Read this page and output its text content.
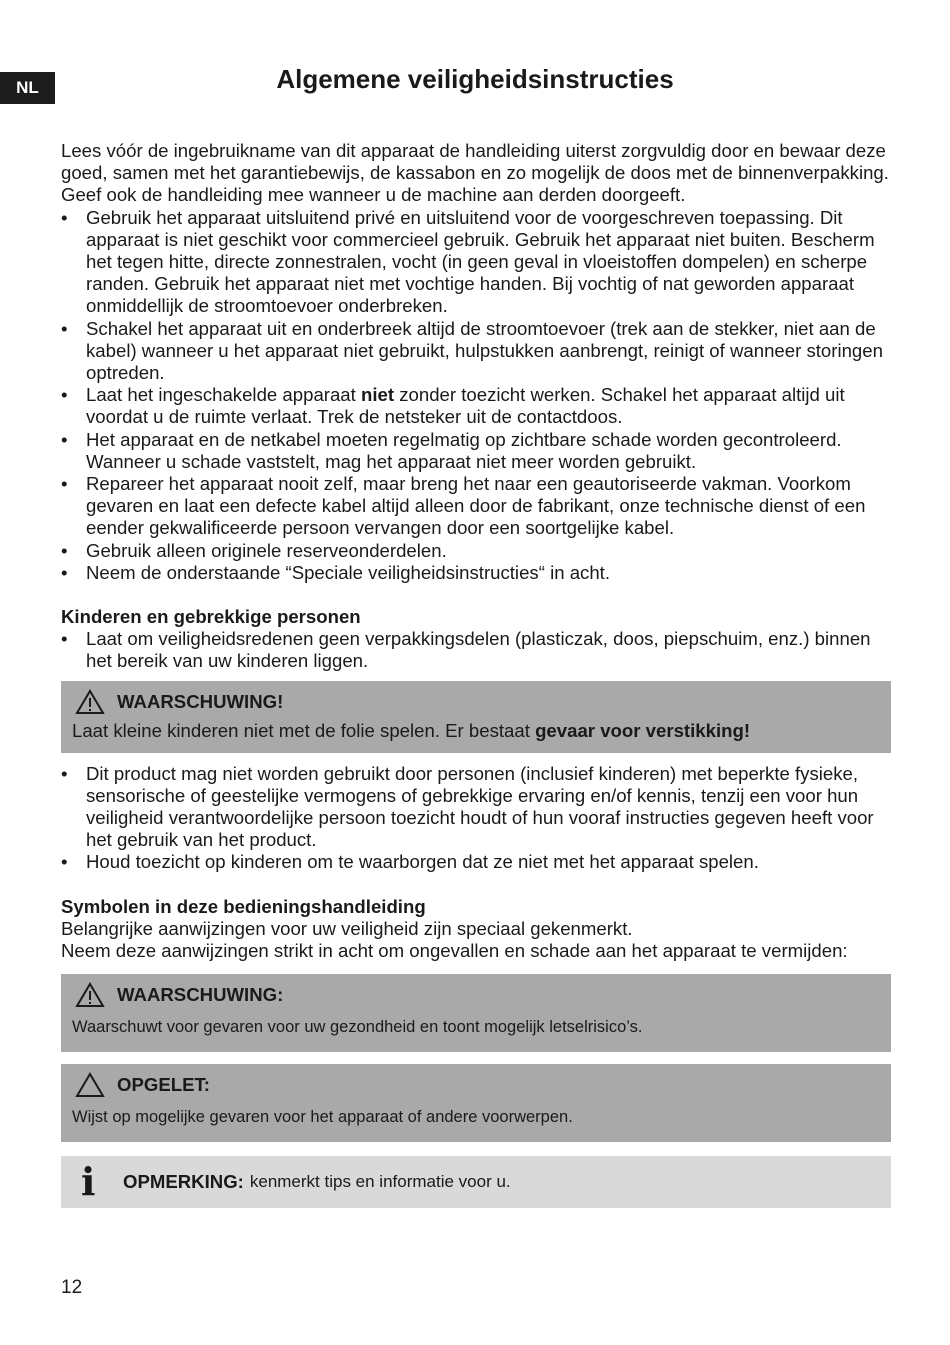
NL	Algemene veiligheidsinstructies

Lees vóór de ingebruikname van dit apparaat de handleiding uiterst zorgvuldig door en bewaar deze goed, samen met het garantiebewijs, de kassabon en zo mogelijk de doos met de binnenverpakking. Geef ook de handleiding mee wanneer u de machine aan derden doorgeeft.

• Gebruik het apparaat uitsluitend privé en uitsluitend voor de voorgeschreven toepassing. Dit apparaat is niet geschikt voor commercieel gebruik. Gebruik het apparaat niet buiten. Bescherm het tegen hitte, directe zonnestralen, vocht (in geen geval in vloeistoffen dompelen) en scherpe randen. Gebruik het apparaat niet met vochtige handen. Bij vochtig of nat geworden apparaat onmiddellijk de stroomtoevoer onderbreken.
• Schakel het apparaat uit en onderbreek altijd de stroomtoevoer (trek aan de stekker, niet aan de kabel) wanneer u het apparaat niet gebruikt, hulpstukken aanbrengt, reinigt of wanneer storingen optreden.
• Laat het ingeschakelde apparaat niet zonder toezicht werken. Schakel het apparaat altijd uit voordat u de ruimte verlaat. Trek de netsteker uit de contactdoos.
• Het apparaat en de netkabel moeten regelmatig op zichtbare schade worden gecontroleerd. Wanneer u schade vaststelt, mag het apparaat niet meer worden gebruikt.
• Repareer het apparaat nooit zelf, maar breng het naar een geautoriseerde vakman. Voorkom gevaren en laat een defecte kabel altijd alleen door de fabrikant, onze technische dienst of een eender gekwalificeerde persoon vervangen door een soortgelijke kabel.
• Gebruik alleen originele reserveonderdelen.
• Neem de onderstaande “Speciale veiligheidsinstructies“ in acht.
Kinderen en gebrekkige personen
• Laat om veiligheidsredenen geen verpakkingsdelen (plasticzak, doos, piepschuim, enz.) binnen het bereik van uw kinderen liggen.
WAARSCHUWING!
Laat kleine kinderen niet met de folie spelen. Er bestaat gevaar voor verstikking!
• Dit product mag niet worden gebruikt door personen (inclusief kinderen) met beperkte fysieke, sensorische of geestelijke vermogens of gebrekkige ervaring en/of kennis, tenzij een voor hun veiligheid verantwoordelijke persoon toezicht houdt of hun vooraf instructies gegeven heeft voor het gebruik van het product.
• Houd toezicht op kinderen om te waarborgen dat ze niet met het apparaat spelen.
Symbolen in deze bedieningshandleiding

Belangrijke aanwijzingen voor uw veiligheid zijn speciaal gekenmerkt.

Neem deze aanwijzingen strikt in acht om ongevallen en schade aan het apparaat te vermijden:

WAARSCHUWING:
Waarschuwt voor gevaren voor uw gezondheid en toont mogelijk letselrisico’s.
OPGELET:
Wijst op mogelijke gevaren voor het apparaat of andere voorwerpen.
i	OPMERKING: kenmerkt tips en informatie voor u.
12
